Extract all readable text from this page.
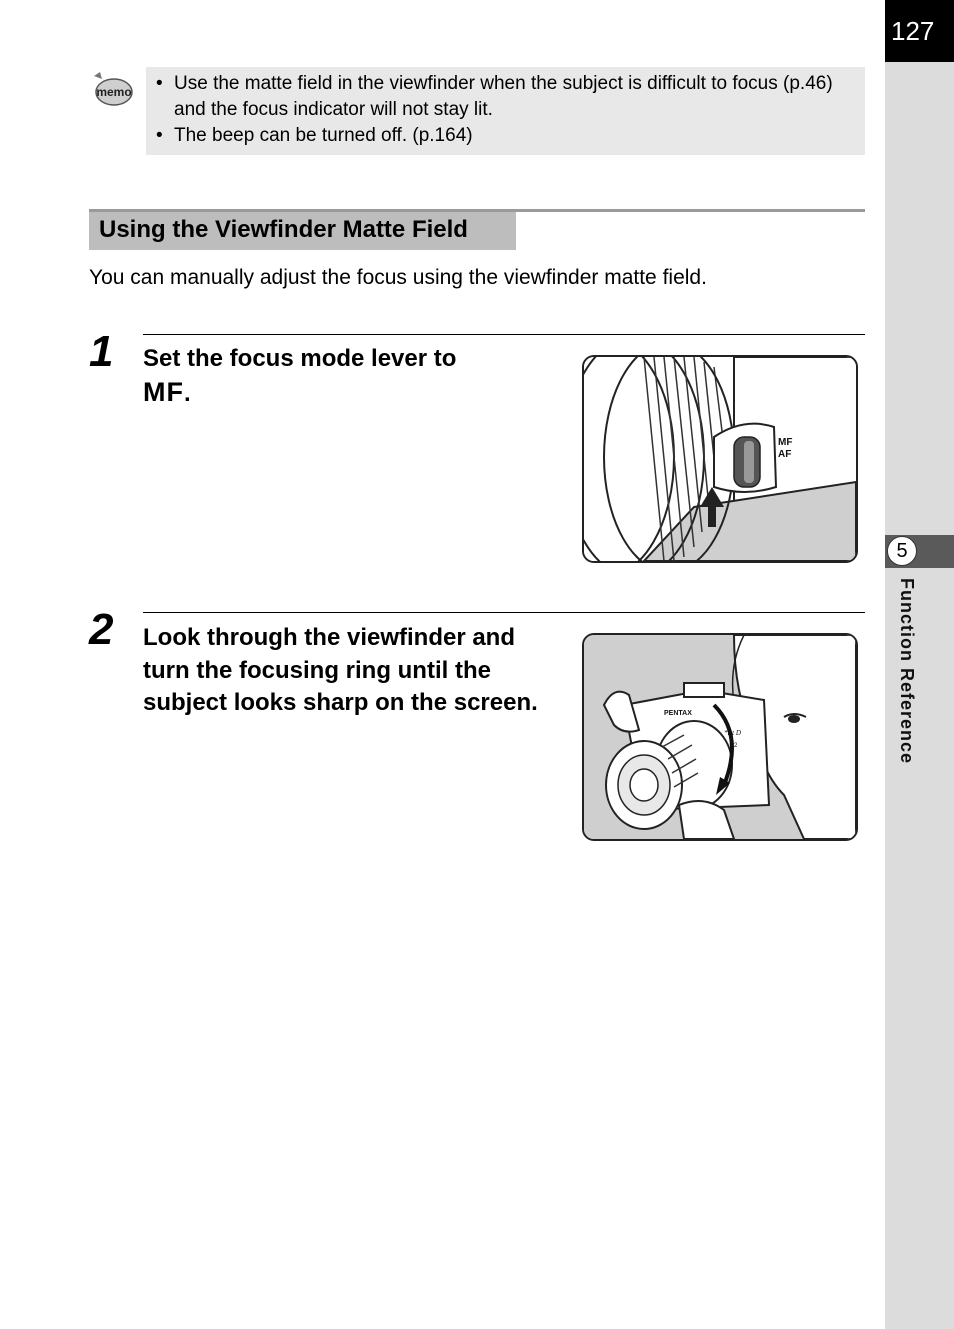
127
5
Function Reference
memo
•	Use the matte field in the viewfinder when the subject is difficult to focus (p.46) and the focus indicator will not stay lit.
• The beep can be turned off. (p.164)
Using the Viewfinder Matte Field
You can manually adjust the focus using the viewfinder matte field.
1 Set the focus mode lever to
MF.
MF
AF
2 Look through the viewfinder and turn the focusing ring until the subject looks sharp on the screen.	PENTAX
*ist D
S2
